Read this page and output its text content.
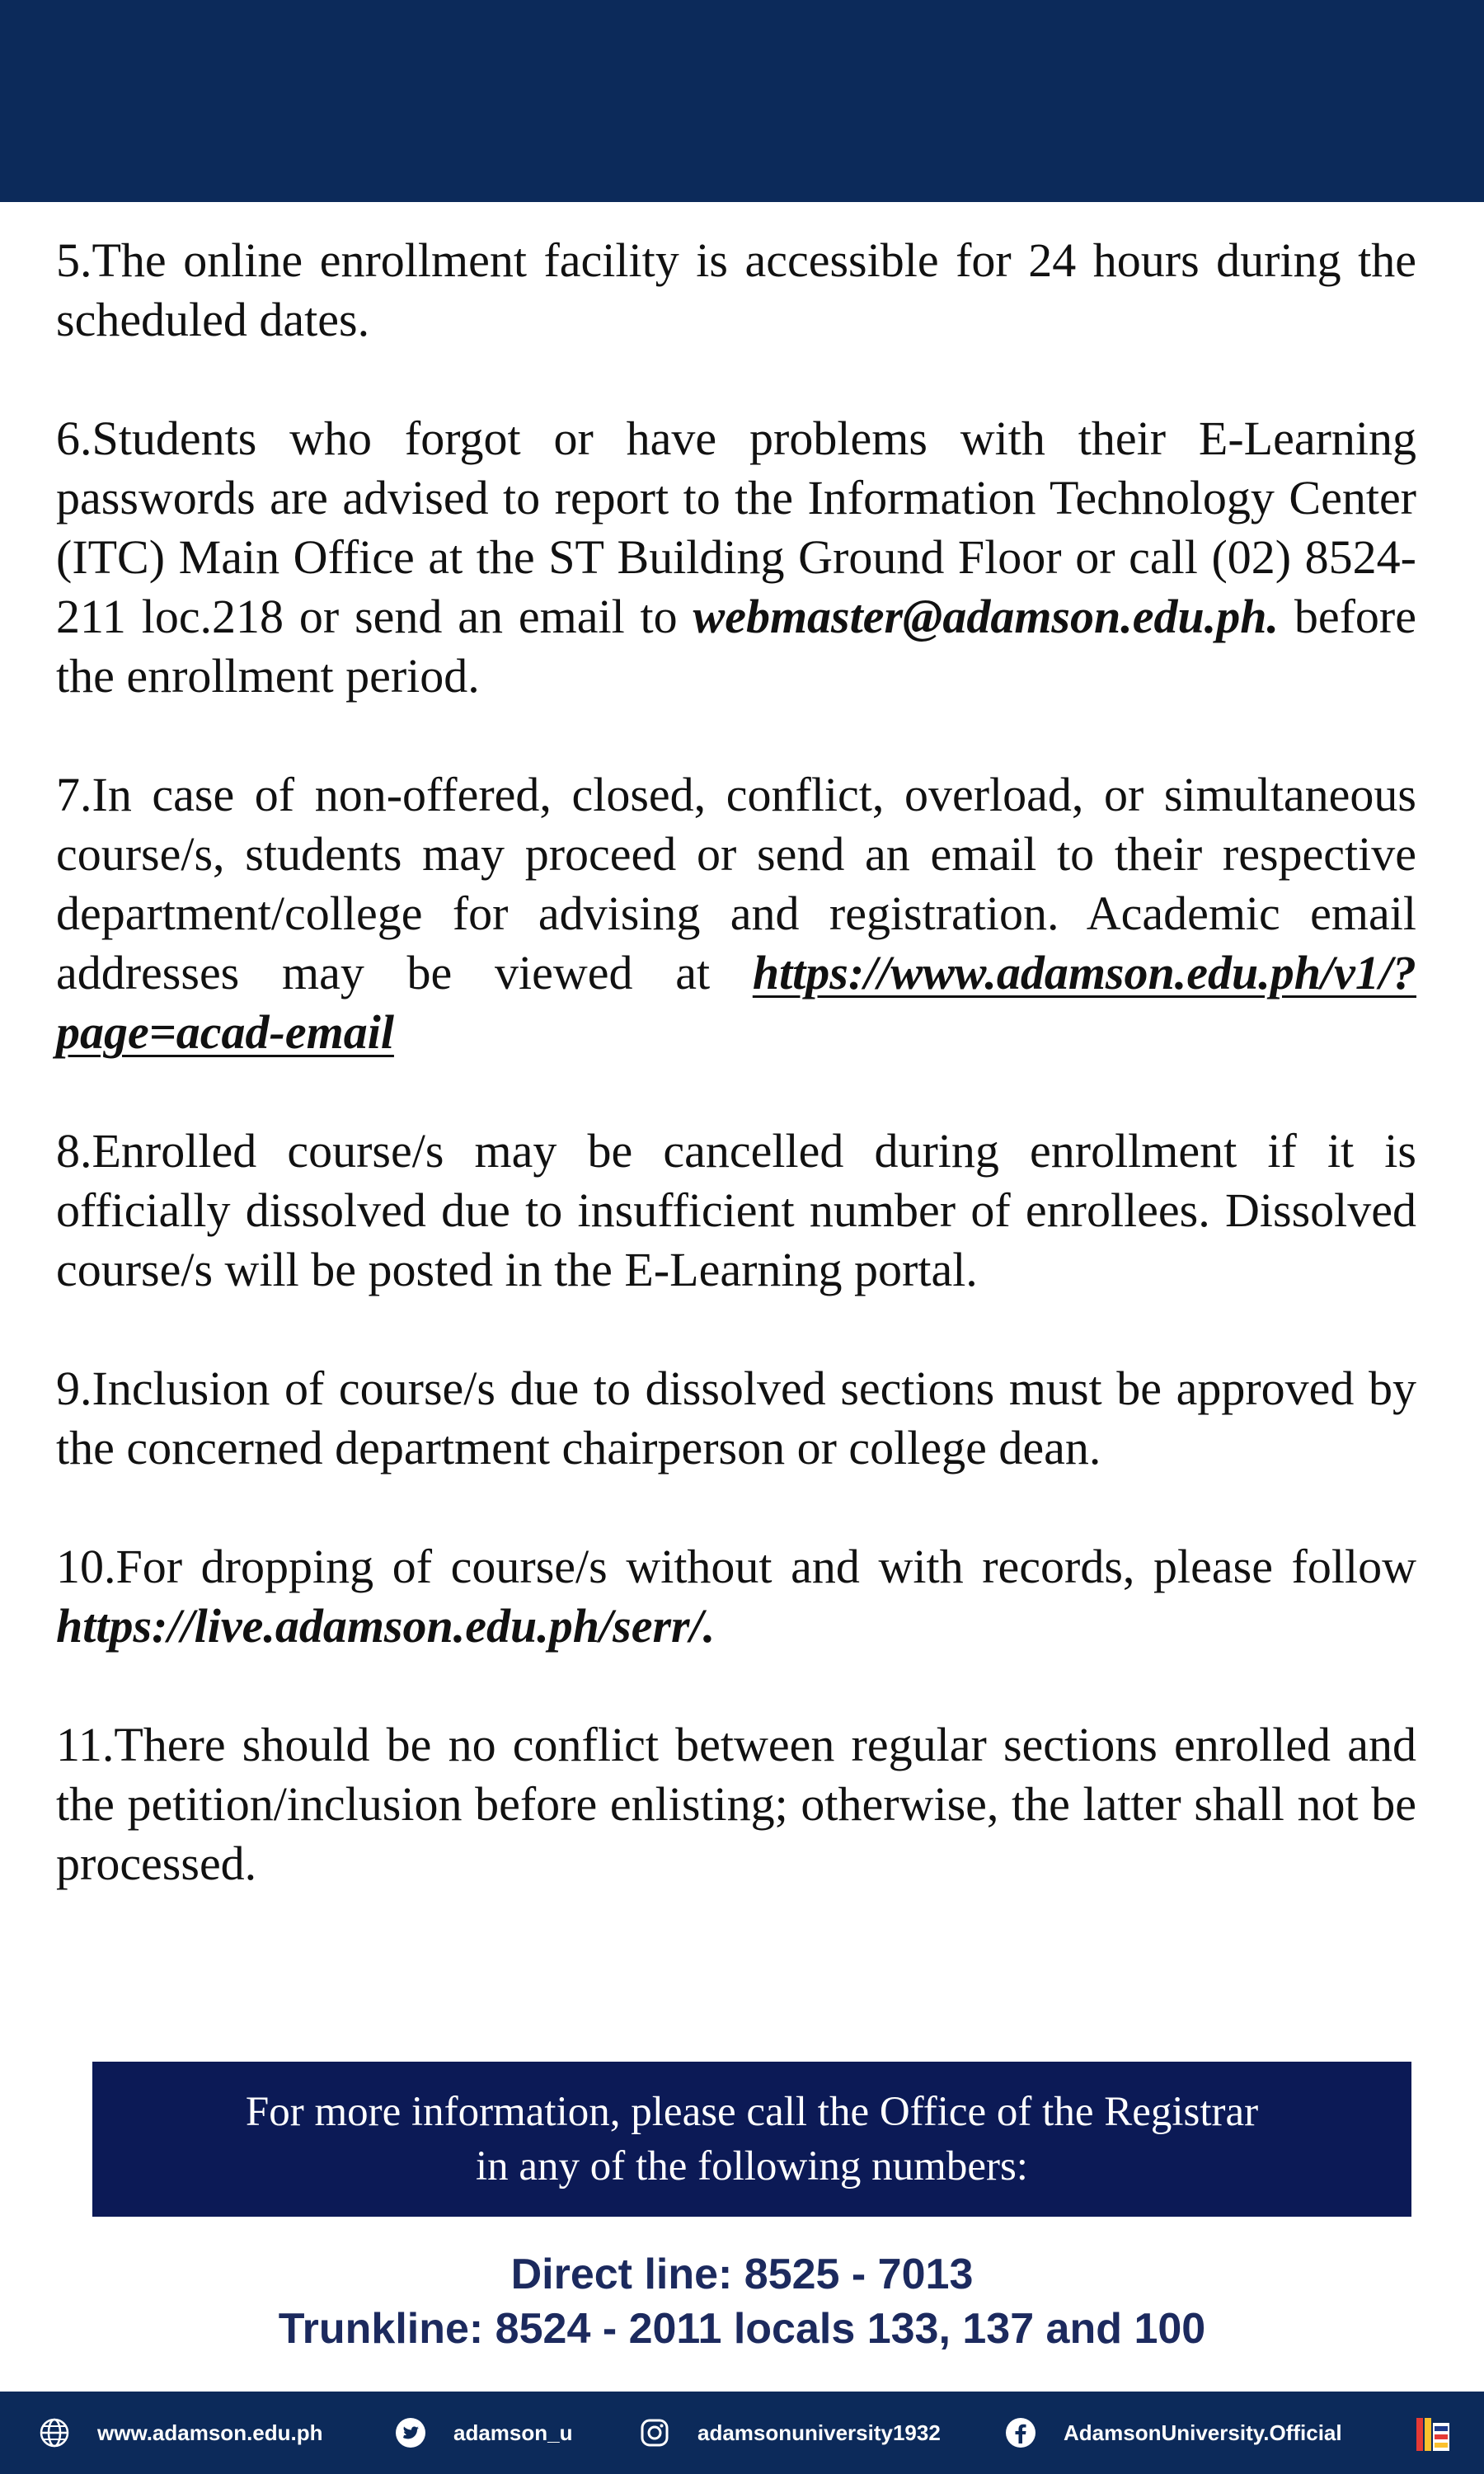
5.The online enrollment facility is accessible for 24 hours during the scheduled dates.

6.Students who forgot or have problems with their E-Learning passwords are advised to report to the Information Technology Center (ITC) Main Office at the ST Building Ground Floor or call (02) 8524-211 loc.218 or send an email to webmaster@adamson.edu.ph. before the enrollment period.

7.In case of non-offered, closed, conflict, overload, or simultaneous course/s, students may proceed or send an email to their respective department/college for advising and registration. Academic email addresses may be viewed at https://www.adamson.edu.ph/v1/?page=acad-email

8.Enrolled course/s may be cancelled during enrollment if it is officially dissolved due to insufficient number of enrollees. Dissolved course/s will be posted in the E-Learning portal.

9.Inclusion of course/s due to dissolved sections must be approved by the concerned department chairperson or college dean.

10.For dropping of course/s without and with records, please follow https://live.adamson.edu.ph/serr/.

11.There should be no conflict between regular sections enrolled and the petition/inclusion before enlisting; otherwise, the latter shall not be processed.

For more information, please call the Office of the Registrar
in any of the following numbers:
Direct line: 8525 - 7013
Trunkline: 8524 - 2011 locals 133, 137 and 100
www.adamson.edu.ph	adamson_u	adamsonuniversity1932	AdamsonUniversity.Official
